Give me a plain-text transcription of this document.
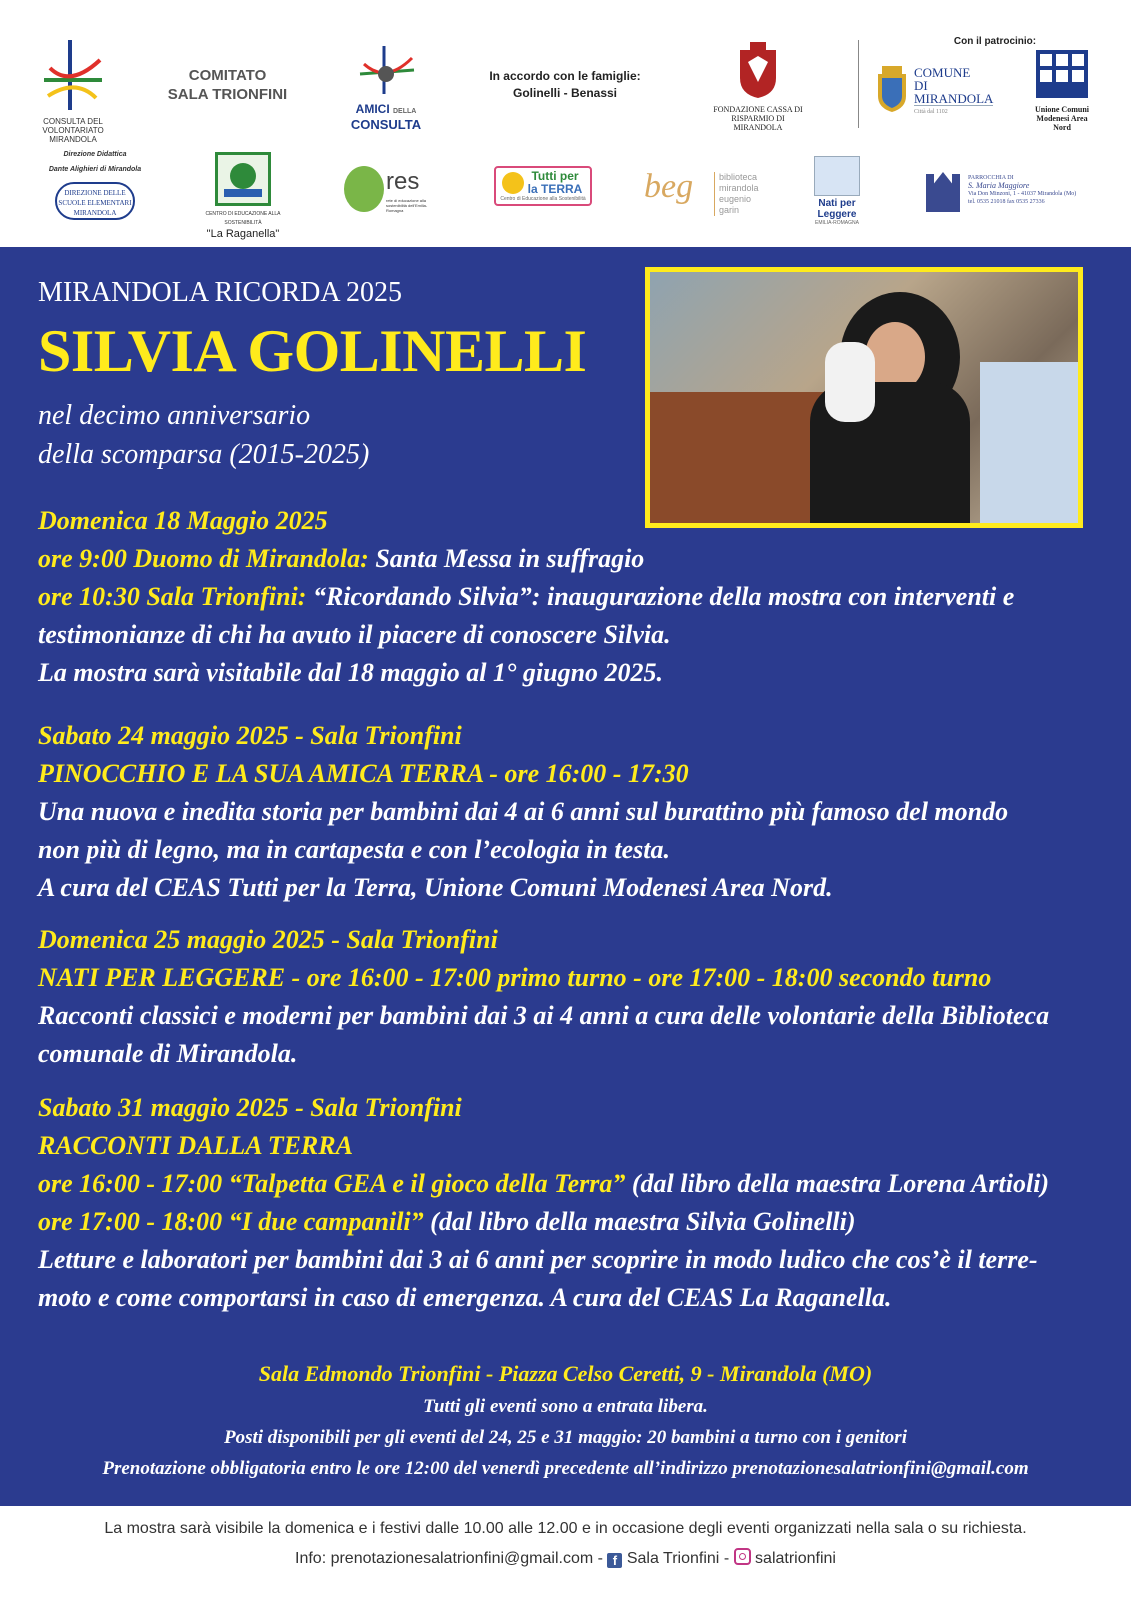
CONSULTA DEL VOLONTARIATO MIRANDOLA
COMITATO
SALA TRIONFINI
AMICI DELLA
CONSULTA
In accordo con le famiglie:
Golinelli - Benassi
FONDAZIONE CASSA DI RISPARMIO DI MIRANDOLA
Con il patrocinio:
COMUNE
DI
MIRANDOLA
Città dal 1102	Unione Comuni Modenesi Area Nord
Direzione Didattica
Dante Alighieri di Mirandola
DIREZIONE DELLE SCUOLE ELEMENTARI MIRANDOLA	CENTRO DI EDUCAZIONE ALLA SOSTENIBILITÀ
"La Raganella"
res
rete di educazione alla sostenibilità dell'Emilia-Romagna
Tutti per
la TERRA
Centro di Educazione alla Sostenibilità beg	biblioteca mirandola eugenio garin
Nati per
Leggere
EMILIA-ROMAGNA
PARROCCHIA DI
S. Maria Maggiore
Via Don Minzoni, 1 - 41037 Mirandola (Mo)
tel. 0535 21018 fax 0535 27336
MIRANDOLA RICORDA 2025
SILVIA GOLINELLI
nel decimo anniversario
della scomparsa (2015-2025)
Domenica 18 Maggio 2025
ore 9:00 Duomo di Mirandola: Santa Messa in suffragio
ore 10:30 Sala Trionfini: “Ricordando Silvia”: inaugurazione della mostra con interventi e
testimonianze di chi ha avuto il piacere di conoscere Silvia.
La mostra sarà visitabile dal 18 maggio al 1° giugno 2025.
Sabato 24 maggio 2025 - Sala Trionfini
PINOCCHIO E LA SUA AMICA TERRA - ore 16:00 - 17:30
Una nuova e inedita storia per bambini dai 4 ai 6 anni sul burattino più famoso del mondo
non più di legno, ma in cartapesta e con l’ecologia in testa.
A cura del CEAS Tutti per la Terra, Unione Comuni Modenesi Area Nord.
Domenica 25 maggio 2025 - Sala Trionfini
NATI PER LEGGERE - ore 16:00 - 17:00 primo turno - ore 17:00 - 18:00 secondo turno
Racconti classici e moderni per bambini dai 3 ai 4 anni a cura delle volontarie della Biblioteca
comunale di Mirandola.
Sabato 31 maggio 2025 - Sala Trionfini
RACCONTI DALLA TERRA
ore 16:00 - 17:00 “Talpetta GEA e il gioco della Terra” (dal libro della maestra Lorena Artioli)
ore 17:00 - 18:00 “I due campanili” (dal libro della maestra Silvia Golinelli)
Letture e laboratori per bambini dai 3 ai 6 anni per scoprire in modo ludico che cos’è il terre-
moto e come comportarsi in caso di emergenza. A cura del CEAS La Raganella.
Sala Edmondo Trionfini - Piazza Celso Ceretti, 9 - Mirandola (MO)
Tutti gli eventi sono a entrata libera.
Posti disponibili per gli eventi del 24, 25 e 31 maggio: 20 bambini a turno con i genitori
Prenotazione obbligatoria entro le ore 12:00 del venerdì precedente all’indirizzo prenotazionesalatrionfini@gmail.com
La mostra sarà visibile la domenica e i festivi dalle 10.00 alle 12.00 e in occasione degli eventi organizzati nella sala o su richiesta.
Info: prenotazionesalatrionfini@gmail.com - f Sala Trionfini - salatrionfini
